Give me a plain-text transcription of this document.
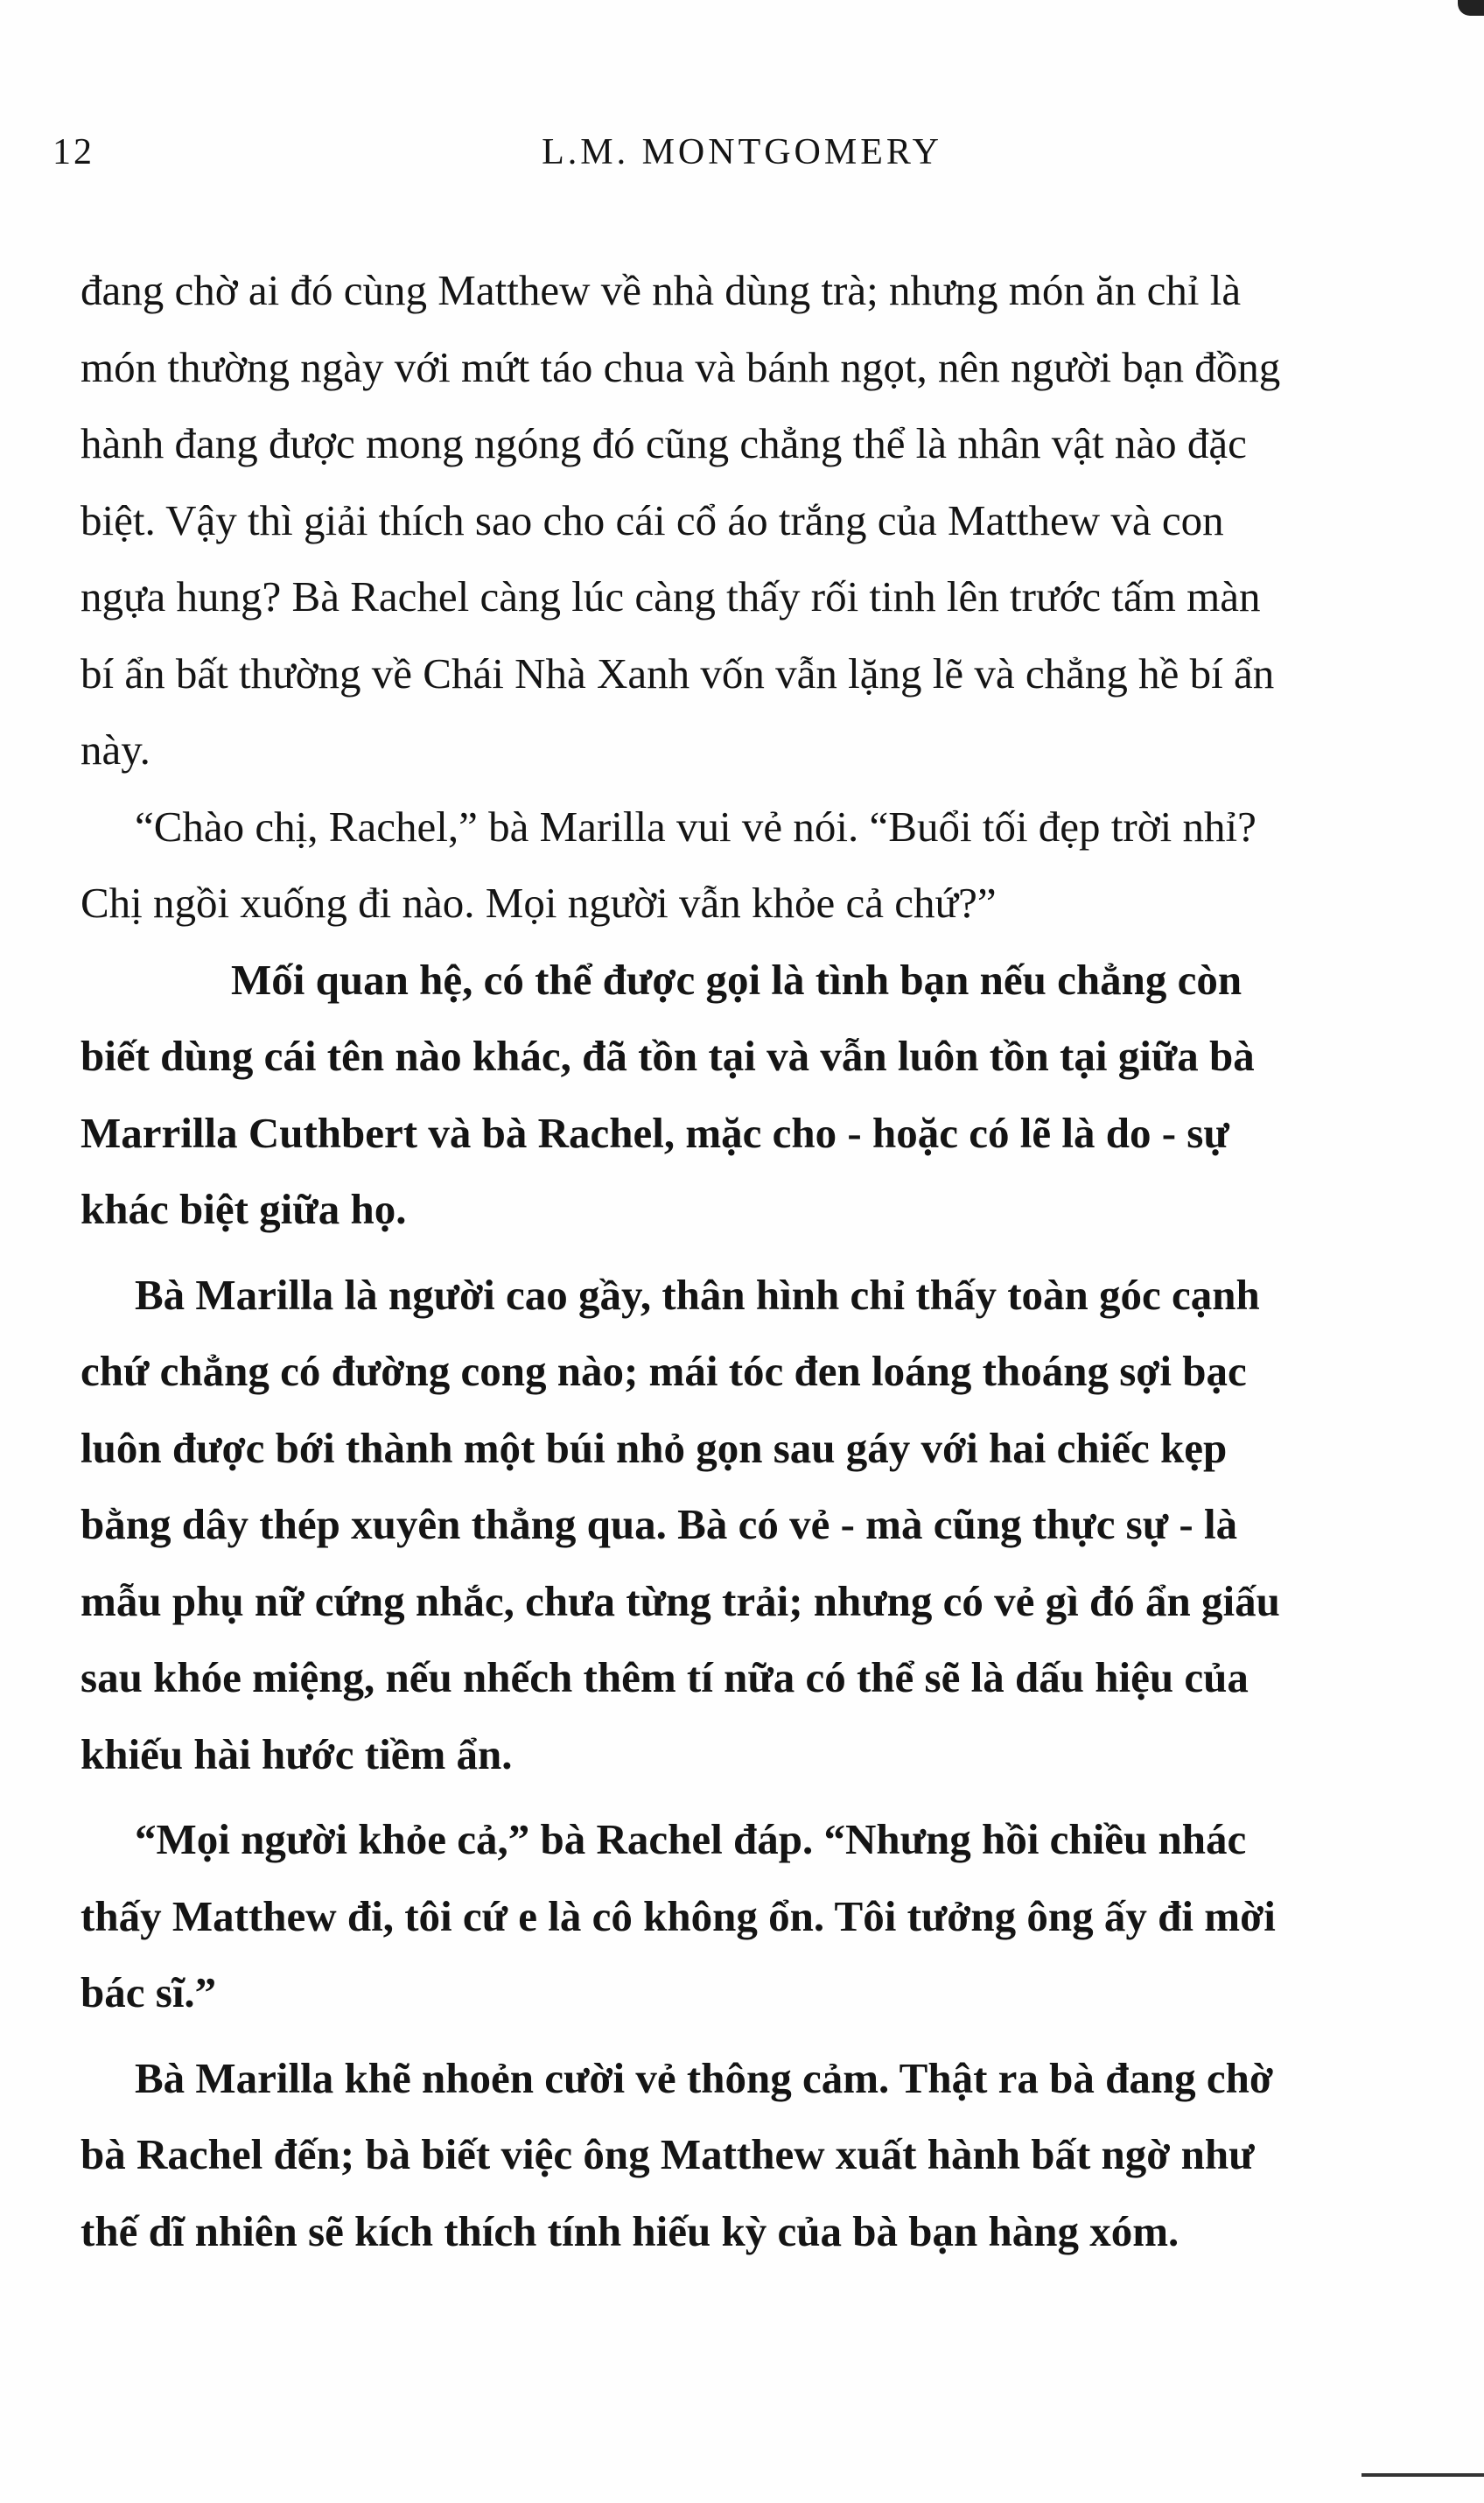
12	L.M. MONTGOMERY

đang chờ ai đó cùng Matthew về nhà dùng trà; nhưng món ăn chỉ là món thường ngày với mứt táo chua và bánh ngọt, nên người bạn đồng hành đang được mong ngóng đó cũng chẳng thể là nhân vật nào đặc biệt. Vậy thì giải thích sao cho cái cổ áo trắng của Matthew và con ngựa hung? Bà Rachel càng lúc càng thấy rối tinh lên trước tấm màn bí ẩn bất thường về Chái Nhà Xanh vốn vẫn lặng lẽ và chẳng hề bí ẩn này.

“Chào chị, Rachel,” bà Marilla vui vẻ nói. “Buổi tối đẹp trời nhỉ? Chị ngồi xuống đi nào. Mọi người vẫn khỏe cả chứ?”

Mối quan hệ, có thể được gọi là tình bạn nếu chẳng còn biết dùng cái tên nào khác, đã tồn tại và vẫn luôn tồn tại giữa bà Marrilla Cuthbert và bà Rachel, mặc cho - hoặc có lẽ là do - sự khác biệt giữa họ.

Bà Marilla là người cao gầy, thân hình chỉ thấy toàn góc cạnh chứ chẳng có đường cong nào; mái tóc đen loáng thoáng sợi bạc luôn được bới thành một búi nhỏ gọn sau gáy với hai chiếc kẹp bằng dây thép xuyên thẳng qua. Bà có vẻ - mà cũng thực sự - là mẫu phụ nữ cứng nhắc, chưa từng trải; nhưng có vẻ gì đó ẩn giấu sau khóe miệng, nếu nhếch thêm tí nữa có thể sẽ là dấu hiệu của khiếu hài hước tiềm ẩn.

“Mọi người khỏe cả,” bà Rachel đáp. “Nhưng hồi chiều nhác thấy Matthew đi, tôi cứ e là cô không ổn. Tôi tưởng ông ấy đi mời bác sĩ.”

Bà Marilla khẽ nhoẻn cười vẻ thông cảm. Thật ra bà đang chờ bà Rachel đến; bà biết việc ông Matthew xuất hành bất ngờ như thế dĩ nhiên sẽ kích thích tính hiếu kỳ của bà bạn hàng xóm.
